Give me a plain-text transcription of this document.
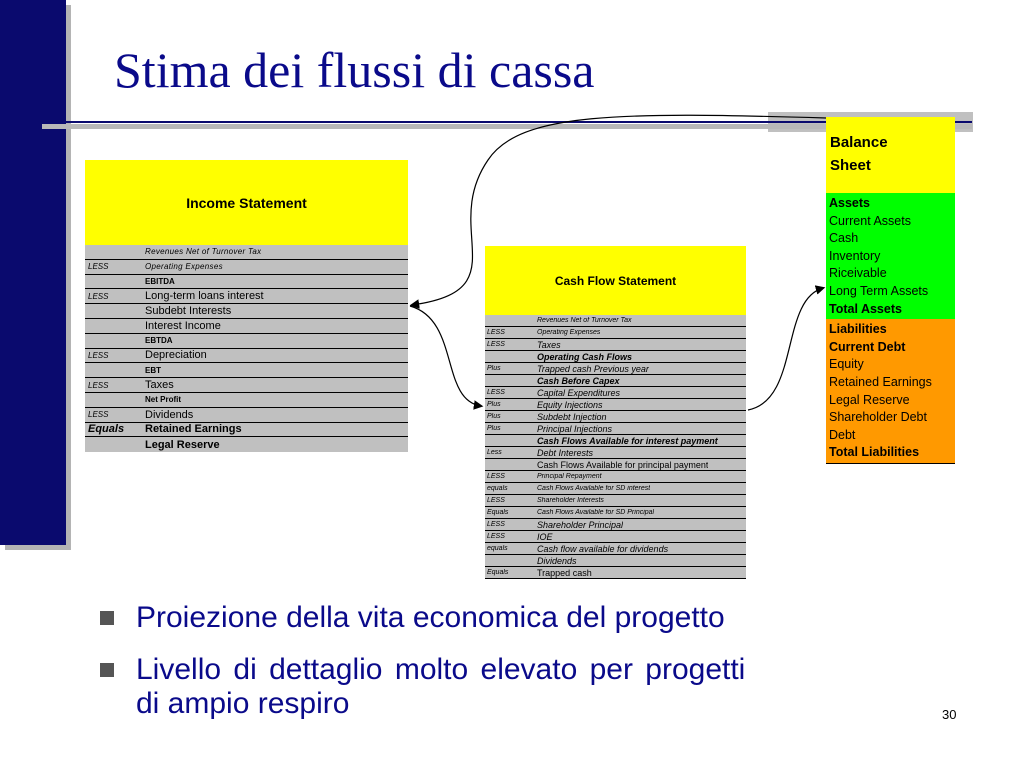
Stima dei flussi di cassa
Income Statement
Revenues Net of Turnover Tax
LESS	Operating Expenses
EBITDA
LESS	Long-term loans interest
Subdebt Interests
Interest Income
EBTDA
LESS	Depreciation
EBT
LESS	Taxes
Net Profit
LESS	Dividends
Equals	Retained Earnings
Legal Reserve
Cash Flow Statement
Revenues Net of Turnover Tax
LESS	Operating Expenses
LESS	Taxes
Operating Cash Flows
Plus	Trapped cash Previous year
Cash Before Capex
LESS	Capital Expenditures
Plus	Equity Injections
Plus	Subdebt Injection
Plus	Principal Injections
Cash Flows Available for interest payment
Less	Debt Interests
Cash Flows Available for principal payment
LESS	Principal Repayment
equals	Cash Flows Available for SD interest
LESS	Shareholder Interests
Equals	Cash Flows Available for SD Principal
LESS	Shareholder Principal
LESS	IOE
equals	Cash flow available for dividends
Dividends
Equals	Trapped cash
Balance
Sheet
Assets
Current Assets
Cash
Inventory
Riceivable
Long Term Assets
Total Assets
Liabilities
Current Debt
Equity
Retained Earnings
Legal Reserve
Shareholder Debt
Debt
Total Liabilities
Proiezione della vita economica del progetto
Livello di dettaglio molto elevato per progetti
di ampio respiro	30
